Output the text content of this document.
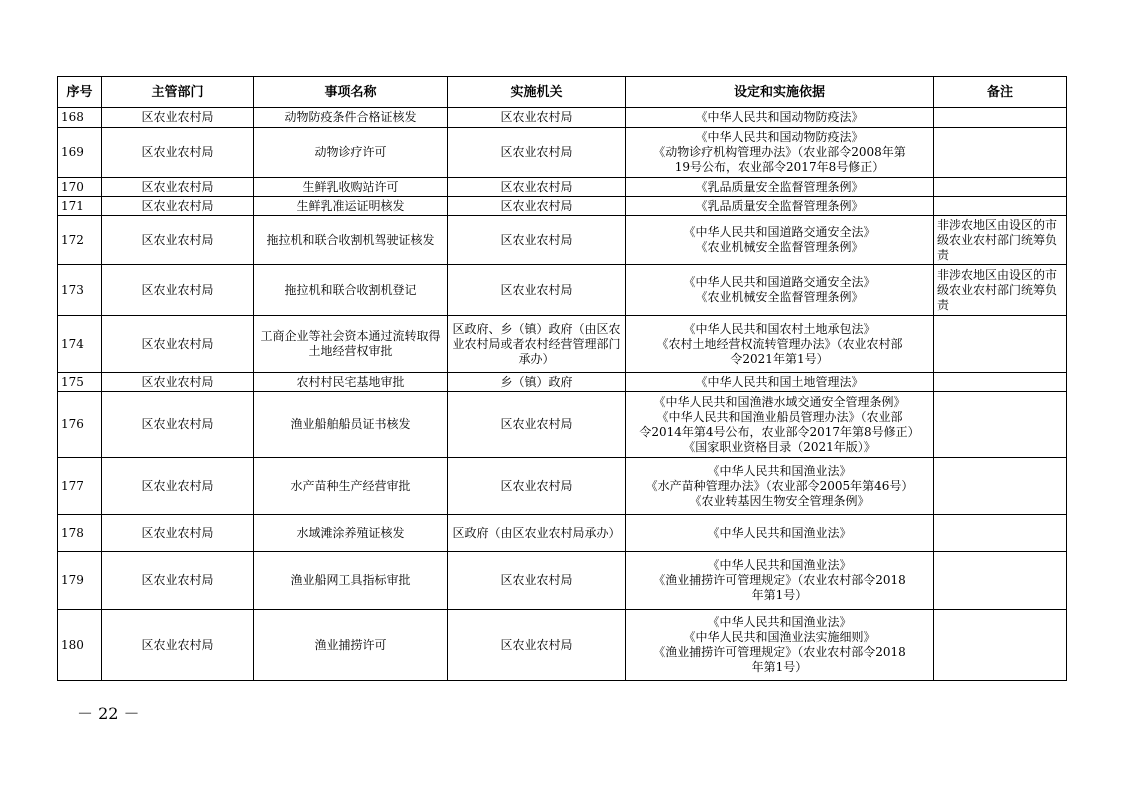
序号	主管部门	事项名称	实施机关	设定和实施依据	备注
168	区农业农村局	动物防疫条件合格证核发	区农业农村局	《中华人民共和国动物防疫法》	

169	区农业农村局	动物诊疗许可	区农业农村局	《中华人民共和国动物防疫法》
《动物诊疗机构管理办法》（农业部令2008年第
19号公布，农业部令2017年8号修正）	

170	区农业农村局	生鲜乳收购站许可	区农业农村局	《乳品质量安全监督管理条例》	

171	区农业农村局	生鲜乳准运证明核发	区农业农村局	《乳品质量安全监督管理条例》	

172	区农业农村局	拖拉机和联合收割机驾驶证核发	区农业农村局	《中华人民共和国道路交通安全法》
《农业机械安全监督管理条例》	非涉农地区由设区的市级农业农村部门统筹负责
173	区农业农村局	拖拉机和联合收割机登记	区农业农村局	《中华人民共和国道路交通安全法》
《农业机械安全监督管理条例》	非涉农地区由设区的市级农业农村部门统筹负责
174	区农业农村局	工商企业等社会资本通过流转取得土地经营权审批	区政府、乡（镇）政府（由区农业农村局或者农村经营管理部门承办）	《中华人民共和国农村土地承包法》
《农村土地经营权流转管理办法》（农业农村部
令2021年第1号）	

175	区农业农村局	农村村民宅基地审批	乡（镇）政府	《中华人民共和国土地管理法》	

176	区农业农村局	渔业船舶船员证书核发	区农业农村局	《中华人民共和国渔港水域交通安全管理条例》
《中华人民共和国渔业船员管理办法》（农业部
令2014年第4号公布，农业部令2017年第8号修正）
《国家职业资格目录（2021年版）》	

177	区农业农村局	水产苗种生产经营审批	区农业农村局	《中华人民共和国渔业法》
《水产苗种管理办法》（农业部令2005年第46号）
《农业转基因生物安全管理条例》	

178	区农业农村局	水域滩涂养殖证核发	区政府（由区农业农村局承办）	《中华人民共和国渔业法》	

179	区农业农村局	渔业船网工具指标审批	区农业农村局	《中华人民共和国渔业法》
《渔业捕捞许可管理规定》（农业农村部令2018
年第1号）	

180	区农业农村局	渔业捕捞许可	区农业农村局	《中华人民共和国渔业法》
《中华人民共和国渔业法实施细则》
《渔业捕捞许可管理规定》（农业农村部令2018
年第1号）	

－ 22 －
